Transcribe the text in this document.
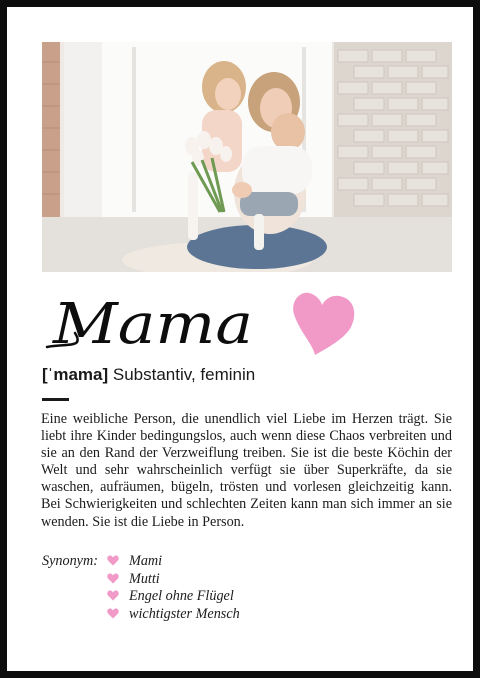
Mama
[ˈmama] Substantiv, feminin

Eine weibliche Person, die unendlich viel Liebe im Herzen trägt. Sie liebt ihre Kinder bedingungslos, auch wenn diese Chaos verbreiten und sie an den Rand der Verzweiflung treiben. Sie ist die beste Köchin der Welt und sehr wahrscheinlich verfügt sie über Superkräfte, da sie waschen, aufräumen, bügeln, trösten und vorlesen gleichzeitig kann. Bei Schwierigkeiten und schlechten Zeiten kann man sich immer an sie wenden. Sie ist die Liebe in Person.

Synonym:	Mami
Mutti
Engel ohne Flügel
wichtigster Mensch
